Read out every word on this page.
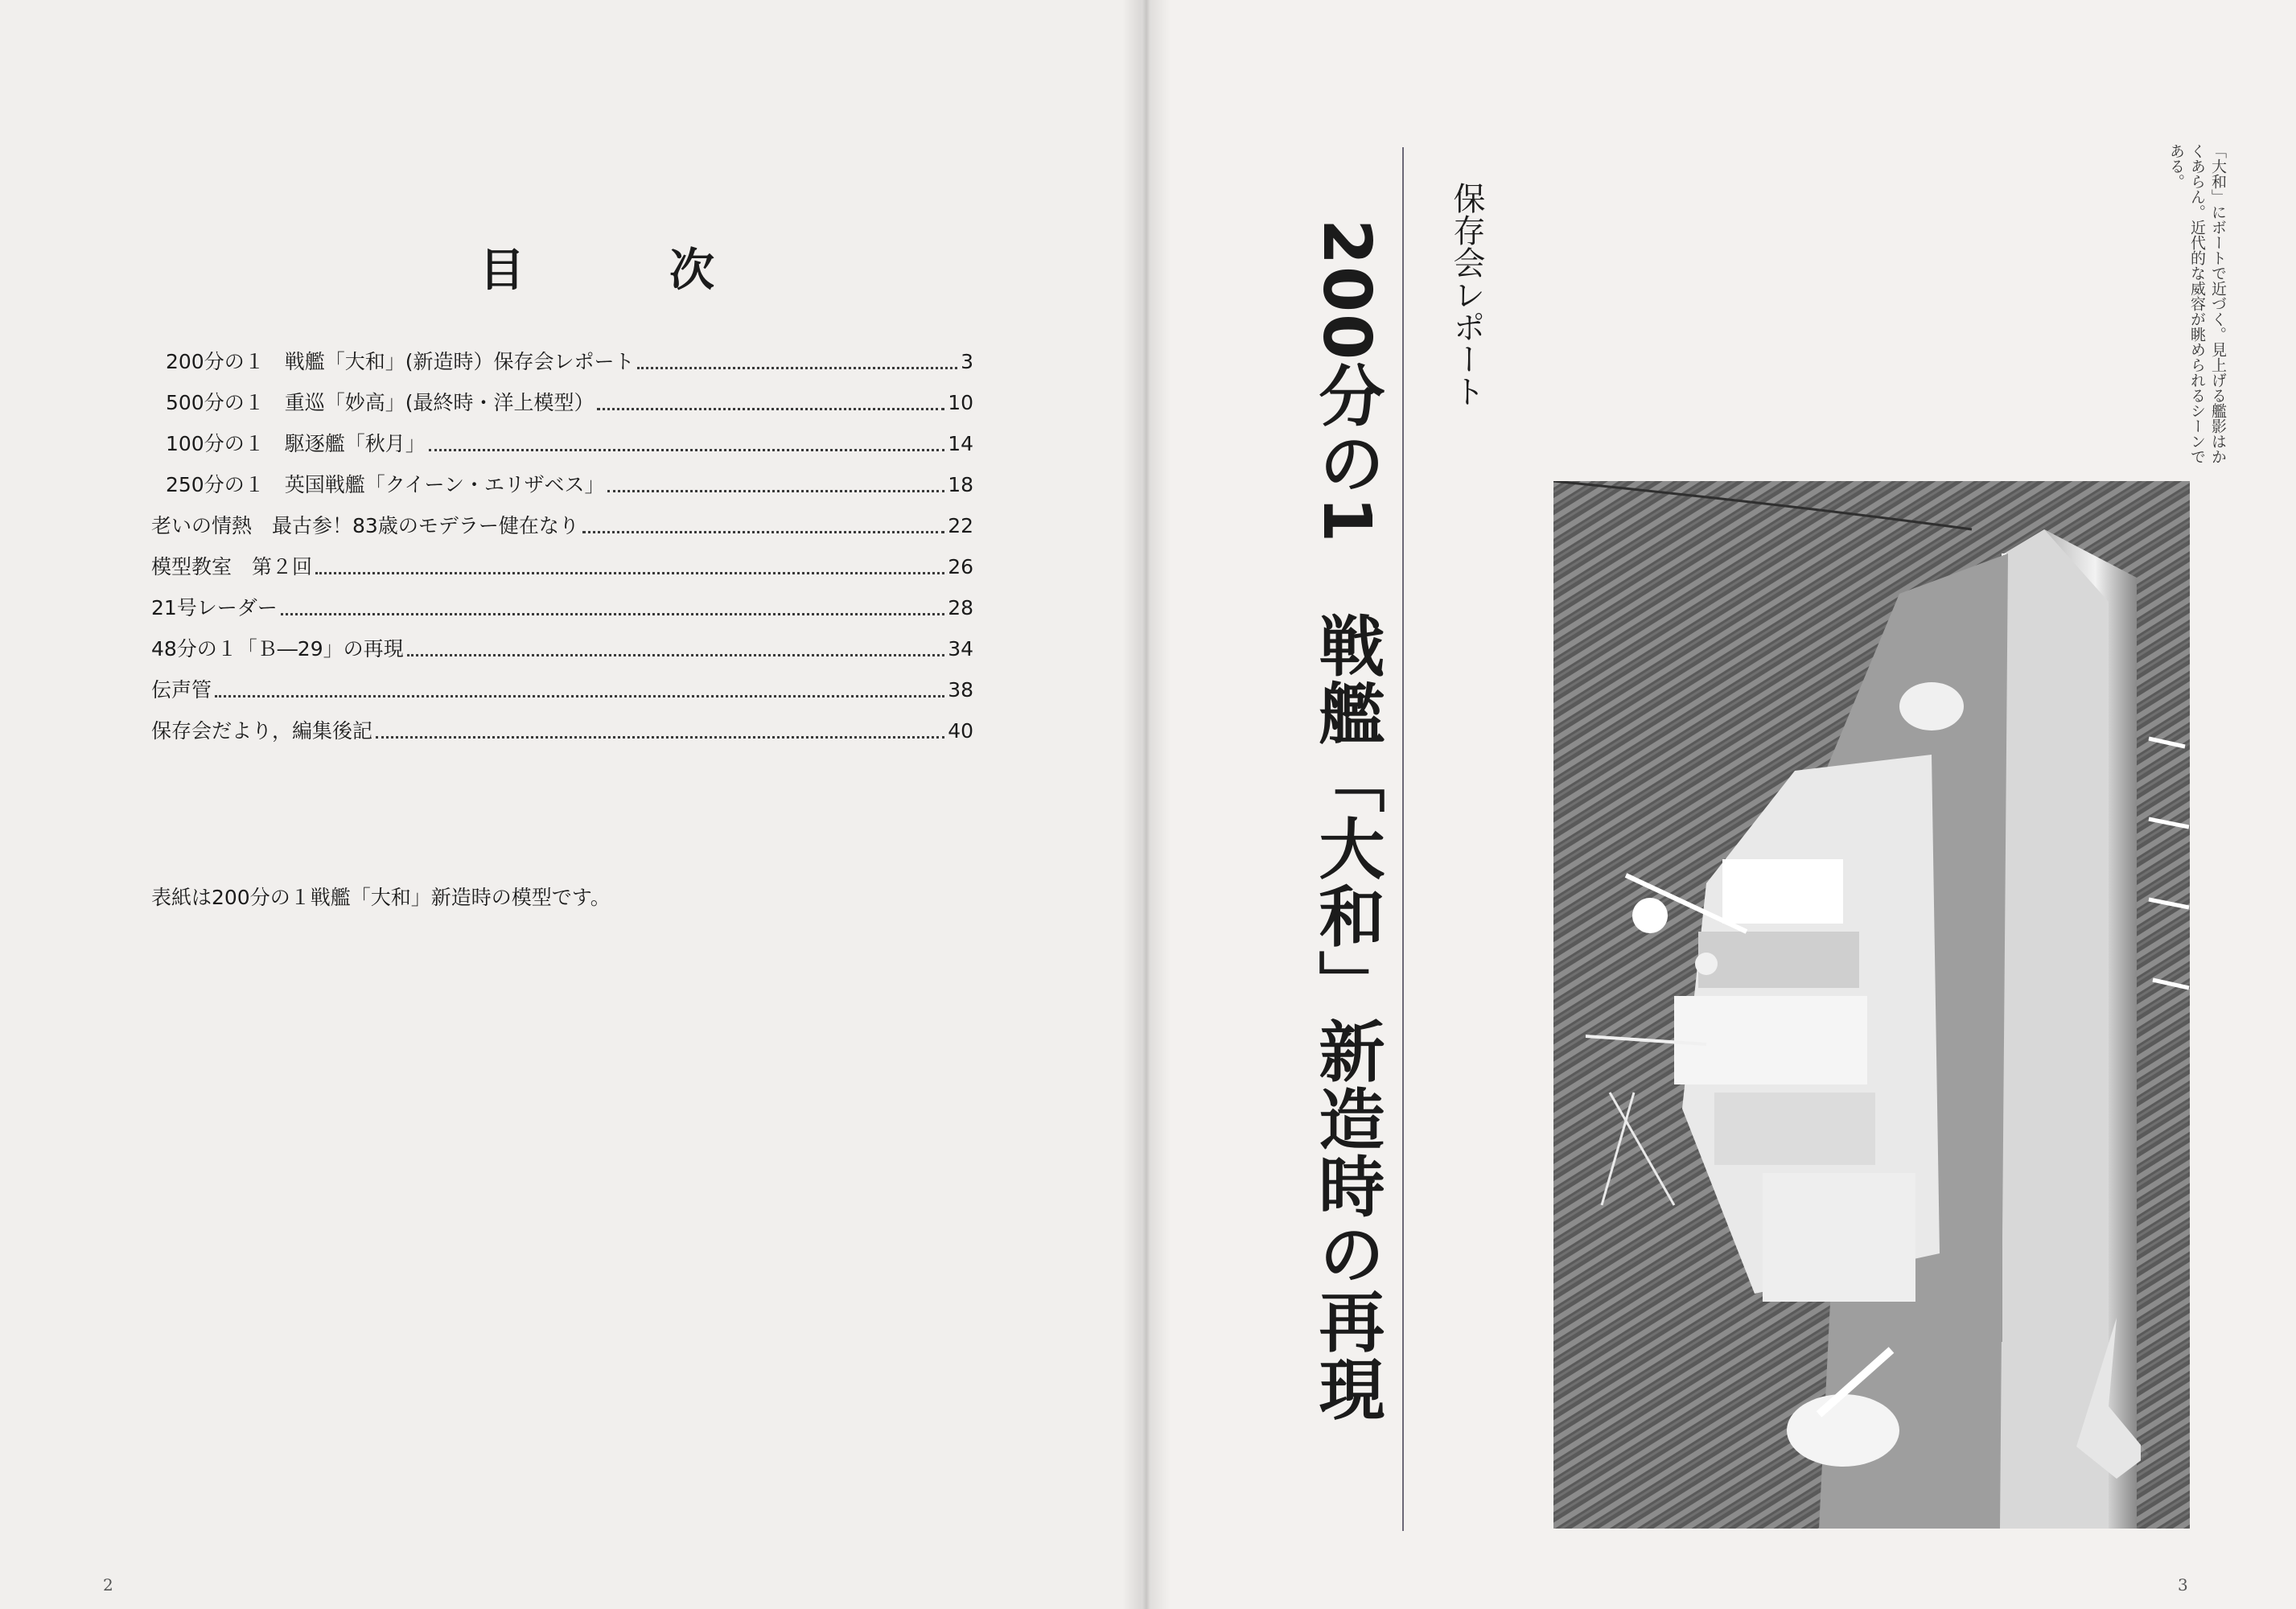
目　次
200分の１　戦艦「大和」(新造時）保存会レポート	3
500分の１　重巡「妙高」(最終時・洋上模型）	10
100分の１　駆逐艦「秋月」	14
250分の１　英国戦艦「クイーン・エリザベス」	18
老いの情熱　最古参！83歳のモデラー健在なり	22
模型教室　第２回	26
21号レーダー	28
48分の１「Ｂ―29」の再現	34
伝声管	38
保存会だより，編集後記	40
表紙は200分の１戦艦「大和」新造時の模型です。
2
200分の1　戦艦「大和」新造時の再現	保存会レポート	「大和」にボートで近づく。見上げる艦影はかくあらん。近代的な威容が眺められるシーンである。
3
